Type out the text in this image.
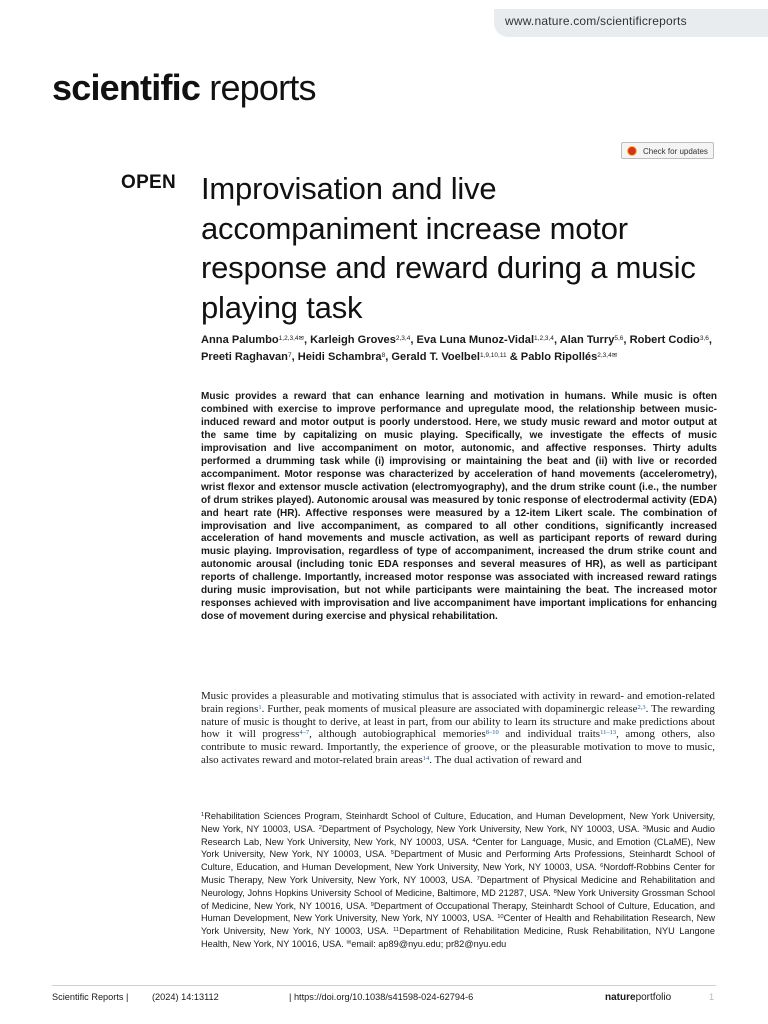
www.nature.com/scientificreports
scientific reports
Check for updates
OPEN Improvisation and live accompaniment increase motor response and reward during a music playing task
Anna Palumbo$^{1,2,3,4✉}$, Karleigh Groves$^{2,3,4}$, Eva Luna Munoz-Vidal$^{1,2,3,4}$, Alan Turry$^{5,6}$, Robert Codio$^{3,6}$, Preeti Raghavan$^7$, Heidi Schambra$^8$, Gerald T. Voelbel$^{1,9,10,11}$ & Pablo Ripollés$^{2,3,4✉}$

Music provides a reward that can enhance learning and motivation in humans. While music is often combined with exercise to improve performance and upregulate mood, the relationship between music-induced reward and motor output is poorly understood. Here, we study music reward and motor output at the same time by capitalizing on music playing. Specifically, we investigate the effects of music improvisation and live accompaniment on motor, autonomic, and affective responses. Thirty adults performed a drumming task while (i) improvising or maintaining the beat and (ii) with live or recorded accompaniment. Motor response was characterized by acceleration of hand movements (accelerometry), wrist flexor and extensor muscle activation (electromyography), and the drum strike count (i.e., the number of drum strikes played). Autonomic arousal was measured by tonic response of electrodermal activity (EDA) and heart rate (HR). Affective responses were measured by a 12-item Likert scale. The combination of improvisation and live accompaniment, as compared to all other conditions, significantly increased acceleration of hand movements and muscle activation, as well as participant reports of reward during music playing. Improvisation, regardless of type of accompaniment, increased the drum strike count and autonomic arousal (including tonic EDA responses and several measures of HR), as well as participant reports of challenge. Importantly, increased motor response was associated with increased reward ratings during music improvisation, but not while participants were maintaining the beat. The increased motor responses achieved with improvisation and live accompaniment have important implications for enhancing dose of movement during exercise and physical rehabilitation.

Music provides a pleasurable and motivating stimulus that is associated with activity in reward- and emotion-related brain regions$^1$. Further, peak moments of musical pleasure are associated with dopaminergic release$^{2,3}$. The rewarding nature of music is thought to derive, at least in part, from our ability to learn its structure and make predictions about how it will progress$^{4-7}$, although autobiographical memories$^{8-10}$ and individual traits$^{11-13}$, among others, also contribute to music reward. Importantly, the experience of groove, or the pleasurable motivation to move to music, also activates reward and motor-related brain areas$^{14}$. The dual activation of reward and

$^1$Rehabilitation Sciences Program, Steinhardt School of Culture, Education, and Human Development, New York University, New York, NY 10003, USA. $^2$Department of Psychology, New York University, New York, NY 10003, USA. $^3$Music and Audio Research Lab, New York University, New York, NY 10003, USA. $^4$Center for Language, Music, and Emotion (CLaME), New York University, New York, NY 10003, USA. $^5$Department of Music and Performing Arts Professions, Steinhardt School of Culture, Education, and Human Development, New York University, New York, NY 10003, USA. $^6$Nordoff-Robbins Center for Music Therapy, New York University, New York, NY 10003, USA. $^7$Department of Physical Medicine and Rehabilitation and Neurology, Johns Hopkins University School of Medicine, Baltimore, MD 21287, USA. $^8$New York University Grossman School of Medicine, New York, NY 10016, USA. $^9$Department of Occupational Therapy, Steinhardt School of Culture, Education, and Human Development, New York University, New York, NY 10003, USA. $^{10}$Center of Health and Rehabilitation Research, New York University, New York, NY 10003, USA. $^{11}$Department of Rehabilitation Medicine, Rusk Rehabilitation, NYU Langone Health, New York, NY 10016, USA. ✉email: ap89@nyu.edu; pr82@nyu.edu

Scientific Reports |	(2024) 14:13112	| https://doi.org/10.1038/s41598-024-62794-6	natureportfolio	1
